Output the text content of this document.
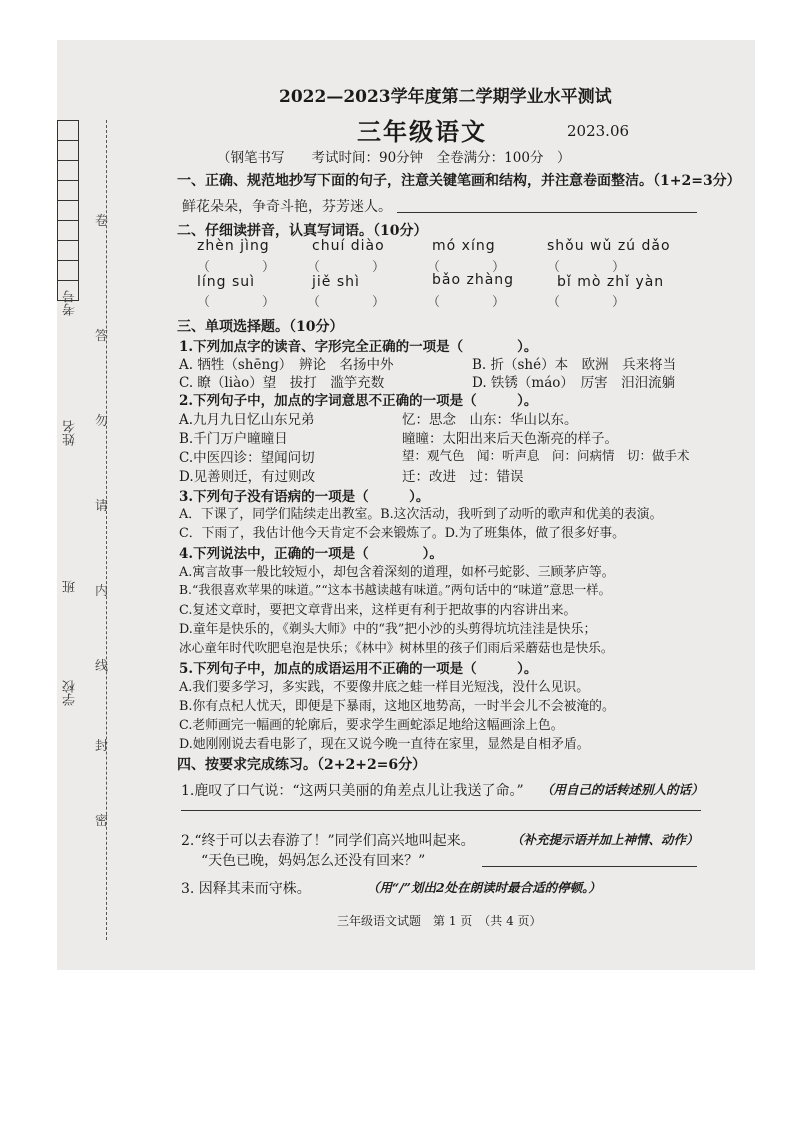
考号
姓名
班
学校
卷
答
勿
请
内
线
封
密
2022—2023学年度第二学期学业水平测试
三年级语文	2023.06
（钢笔书写　　考试时间：90分钟　全卷满分：100分　）
一、正确、规范地抄写下面的句子，注意关键笔画和结构，并注意卷面整洁。（1+2=3分）
鲜花朵朵，争奇斗艳，芬芳迷人。
二、仔细读拼音，认真写词语。（10分）
zhèn jìng	chuí diào	mó xíng	shǒu wǔ zú dǎo
（　　　　） （　　　　）	（　　　　）	（　　　　）
líng suì	jiě shì	bǎo zhàng	bǐ mò zhǐ yàn
（　　　　） （　　　　）	（　　　　）	（　　　　）
三、单项选择题。（10分）
1.下列加点字的读音、字形完全正确的一项是（　　　　）。
A. 牺牲（shēng）　辨论　名扬中外	B. 折（shé）本　欧洲　兵来将当
C. 瞭（liào）望　拔打　滥竽充数	D. 铁锈（máo）　厉害　汨汨流躺
2.下列句子中，加点的字词意思不正确的一项是（　　　）。
A.九月九日忆山东兄弟	忆：思念　山东：华山以东。
B.千门万户曈曈日	曈曈：太阳出来后天色渐亮的样子。
C.中医四诊：望闻问切	望：观气色　闻：听声息　问：问病情　切：做手术
D.见善则迁，有过则改	迁：改进　过：错误
3.下列句子没有语病的一项是（　　　）。
A．下课了，同学们陆续走出教室。B.这次活动，我听到了动听的歌声和优美的表演。
C．下雨了，我估计他今天肯定不会来锻炼了。D.为了班集体，做了很多好事。
4.下列说法中，正确的一项是（　　　　）。
A.寓言故事一般比较短小，却包含着深刻的道理，如杯弓蛇影、三顾茅庐等。
B.“我很喜欢苹果的味道。”“这本书越读越有味道。”两句话中的“味道”意思一样。
C.复述文章时，要把文章背出来，这样更有利于把故事的内容讲出来。
D.童年是快乐的，《剃头大师》中的“我”把小沙的头剪得坑坑洼洼是快乐；
冰心童年时代吹肥皂泡是快乐；《林中》树林里的孩子们雨后采蘑菇也是快乐。
5.下列句子中，加点的成语运用不正确的一项是（　　　）。
A.我们要多学习，多实践，不要像井底之蛙一样目光短浅，没什么见识。
B.你有点杞人忧天，即便是下暴雨，这地区地势高，一时半会儿不会被淹的。
C.老师画完一幅画的轮廓后，要求学生画蛇添足地给这幅画涂上色。
D.她刚刚说去看电影了，现在又说今晚一直待在家里，显然是自相矛盾。
四、按要求完成练习。（2+2+2=6分）
1.鹿叹了口气说：“这两只美丽的角差点儿让我送了命。” （用自己的话转述别人的话）
2.“终于可以去春游了！”同学们高兴地叫起来。	（补充提示语并加上神情、动作）
“天色已晚，妈妈怎么还没有回来？”
3. 因释其耒而守株。	（用“/”划出2处在朗读时最合适的停顿。）
三年级语文试题　第 1 页　（共 4 页）
